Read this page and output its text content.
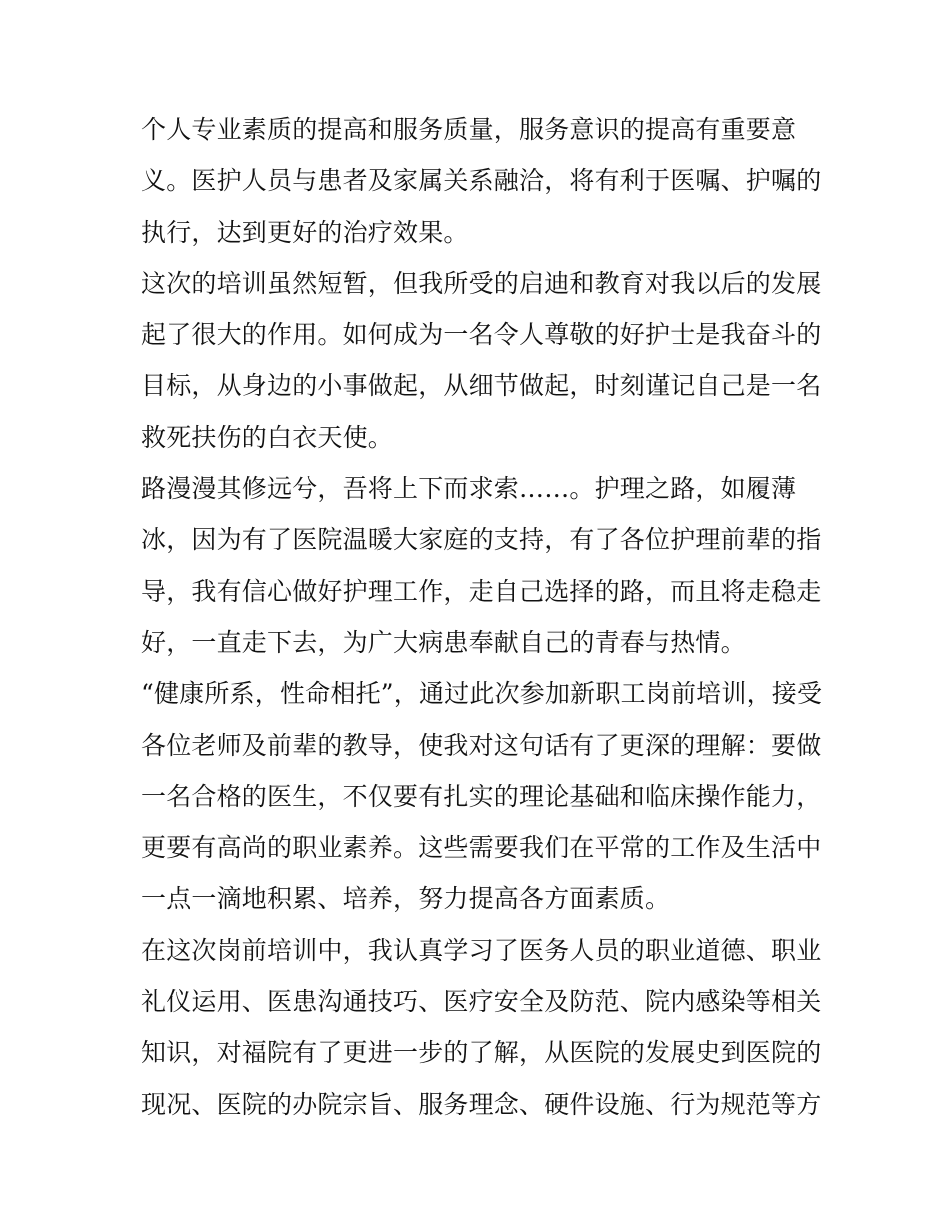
个人专业素质的提高和服务质量，服务意识的提高有重要意
义。医护人员与患者及家属关系融洽，将有利于医嘱、护嘱的
执行，达到更好的治疗效果。
这次的培训虽然短暂，但我所受的启迪和教育对我以后的发展
起了很大的作用。如何成为一名令人尊敬的好护士是我奋斗的
目标，从身边的小事做起，从细节做起，时刻谨记自己是一名
救死扶伤的白衣天使。
路漫漫其修远兮，吾将上下而求索……。护理之路，如履薄
冰，因为有了医院温暖大家庭的支持，有了各位护理前辈的指
导，我有信心做好护理工作，走自己选择的路，而且将走稳走
好，一直走下去，为广大病患奉献自己的青春与热情。
“健康所系，性命相托”，通过此次参加新职工岗前培训，接受
各位老师及前辈的教导，使我对这句话有了更深的理解：要做
一名合格的医生，不仅要有扎实的理论基础和临床操作能力，
更要有高尚的职业素养。这些需要我们在平常的工作及生活中
一点一滴地积累、培养，努力提高各方面素质。
在这次岗前培训中，我认真学习了医务人员的职业道德、职业
礼仪运用、医患沟通技巧、医疗安全及防范、院内感染等相关
知识，对福院有了更进一步的了解，从医院的发展史到医院的
现况、医院的办院宗旨、服务理念、硬件设施、行为规范等方
